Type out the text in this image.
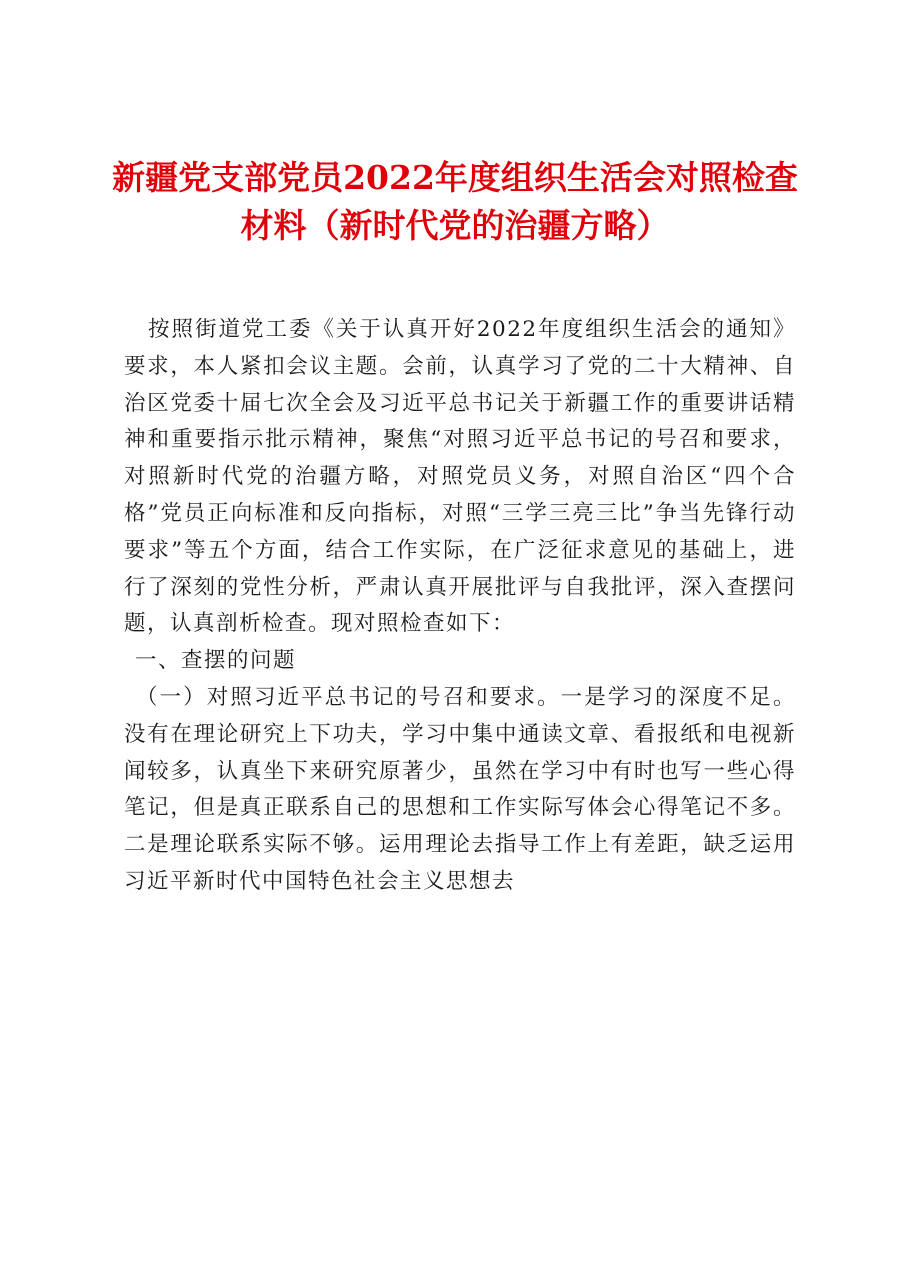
新疆党支部党员2022年度组织生活会对照检查材料（新时代党的治疆方略）

按照街道党工委《关于认真开好2022年度组织生活会的通知》要求，本人紧扣会议主题。会前，认真学习了党的二十大精神、自治区党委十届七次全会及习近平总书记关于新疆工作的重要讲话精神和重要指示批示精神，聚焦“对照习近平总书记的号召和要求，对照新时代党的治疆方略，对照党员义务，对照自治区“四个合格”党员正向标准和反向指标，对照“三学三亮三比”争当先锋行动要求”等五个方面，结合工作实际，在广泛征求意见的基础上，进行了深刻的党性分析，严肃认真开展批评与自我批评，深入查摆问题，认真剖析检查。现对照检查如下：

一、查摆的问题

（一）对照习近平总书记的号召和要求。一是学习的深度不足。没有在理论研究上下功夫，学习中集中通读文章、看报纸和电视新闻较多，认真坐下来研究原著少，虽然在学习中有时也写一些心得笔记，但是真正联系自己的思想和工作实际写体会心得笔记不多。二是理论联系实际不够。运用理论去指导工作上有差距，缺乏运用习近平新时代中国特色社会主义思想去
